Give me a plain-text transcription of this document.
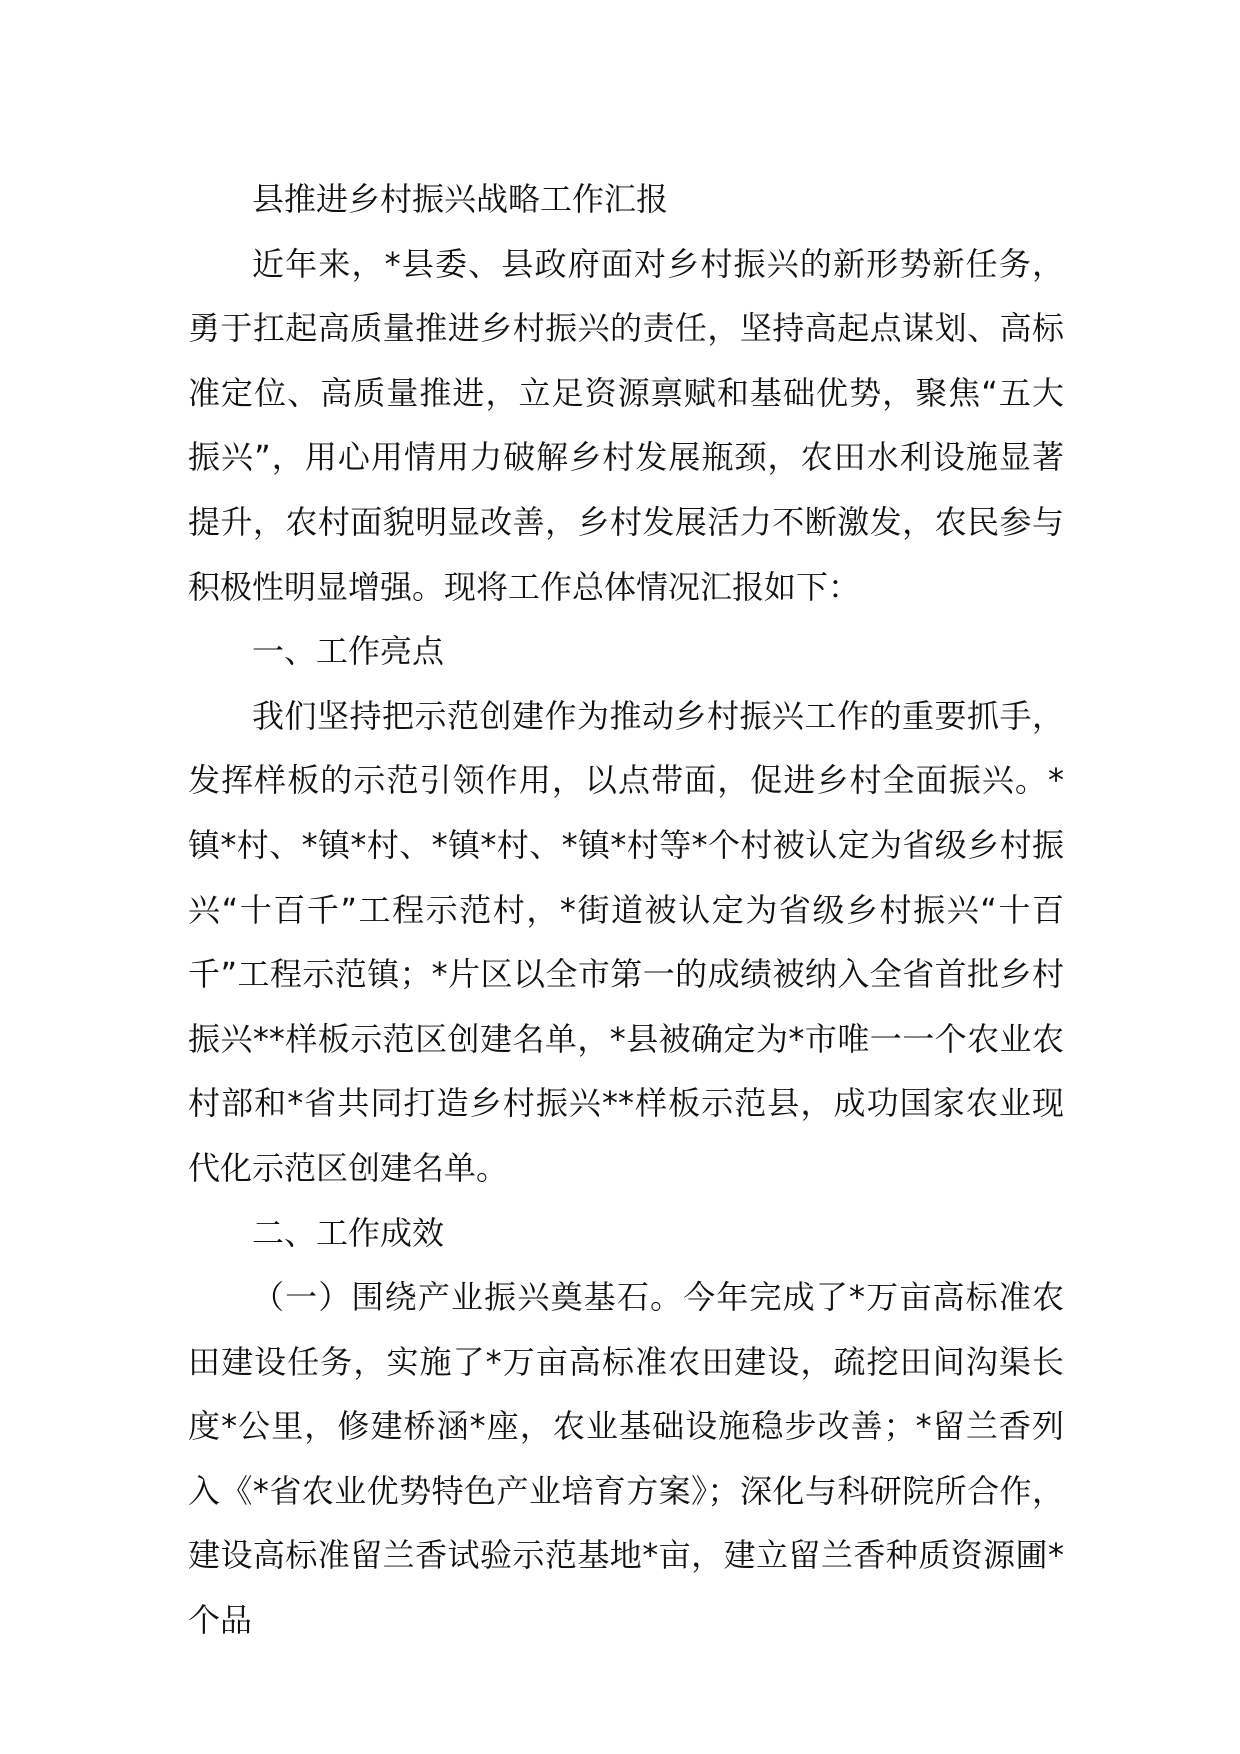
县推进乡村振兴战略工作汇报

近年来，*县委、县政府面对乡村振兴的新形势新任务，勇于扛起高质量推进乡村振兴的责任，坚持高起点谋划、高标准定位、高质量推进，立足资源禀赋和基础优势，聚焦“五大振兴”，用心用情用力破解乡村发展瓶颈，农田水利设施显著提升，农村面貌明显改善，乡村发展活力不断激发，农民参与积极性明显增强。现将工作总体情况汇报如下：

一、工作亮点

我们坚持把示范创建作为推动乡村振兴工作的重要抓手，发挥样板的示范引领作用，以点带面，促进乡村全面振兴。*镇*村、*镇*村、*镇*村、*镇*村等*个村被认定为省级乡村振兴“十百千”工程示范村，*街道被认定为省级乡村振兴“十百千”工程示范镇；*片区以全市第一的成绩被纳入全省首批乡村振兴**样板示范区创建名单，*县被确定为*市唯一一个农业农村部和*省共同打造乡村振兴**样板示范县，成功国家农业现代化示范区创建名单。

二、工作成效

（一）围绕产业振兴奠基石。今年完成了*万亩高标准农田建设任务，实施了*万亩高标准农田建设，疏挖田间沟渠长度*公里，修建桥涵*座，农业基础设施稳步改善；*留兰香列入《*省农业优势特色产业培育方案》；深化与科研院所合作，建设高标准留兰香试验示范基地*亩，建立留兰香种质资源圃*个品
